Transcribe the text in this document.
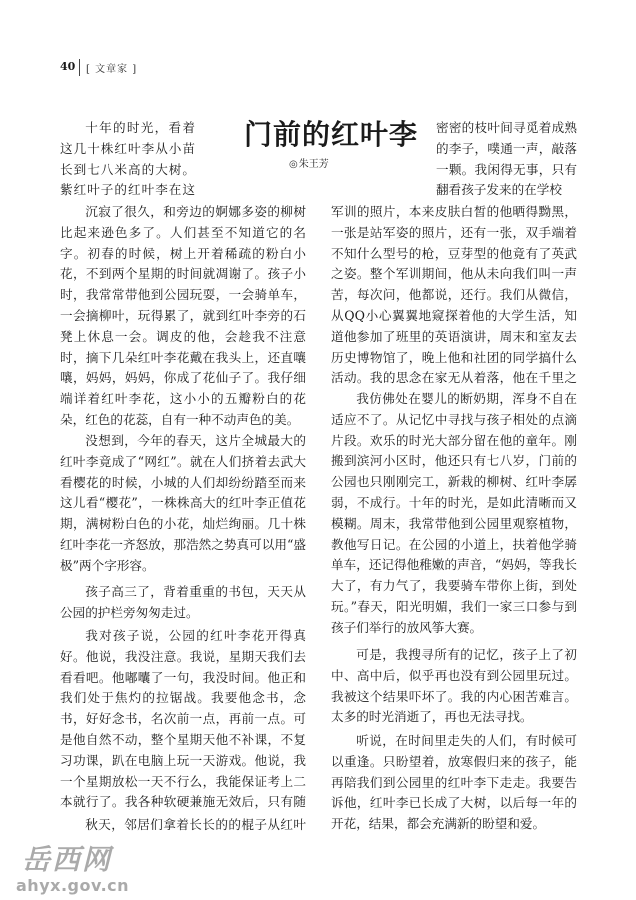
40 [ 文章家 ]
门前的红叶李
◎朱王芳

十年的时光，看着这几十株红叶李从小苗长到七八米高的大树。紫红叶子的红叶李在这

沉寂了很久，和旁边的婀娜多姿的柳树比起来逊色多了。人们甚至不知道它的名字。初春的时候，树上开着稀疏的粉白小花，不到两个星期的时间就凋谢了。孩子小时，我常常带他到公园玩耍，一会骑单车，一会摘柳叶，玩得累了，就到红叶李旁的石凳上休息一会。调皮的他，会趁我不注意时，摘下几朵红叶李花戴在我头上，还直嚷嚷，妈妈，妈妈，你成了花仙子了。我仔细端详着红叶李花，这小小的五瓣粉白的花朵，红色的花蕊，自有一种不动声色的美。

没想到，今年的春天，这片全城最大的红叶李竟成了“网红”。就在人们挤着去武大看樱花的时候，小城的人们却纷纷踏至而来这儿看“樱花”，一株株高大的红叶李正值花期，满树粉白色的小花，灿烂绚丽。几十株红叶李花一齐怒放，那浩然之势真可以用“盛极”两个字形容。

孩子高三了，背着重重的书包，天天从公园的护栏旁匆匆走过。

我对孩子说，公园的红叶李花开得真好。他说，我没注意。我说，星期天我们去看看吧。他嘟囔了一句，我没时间。他正和我们处于焦灼的拉锯战。我要他念书，念书，好好念书，名次前一点，再前一点。可是他自然不动，整个星期天他不补课，不复习功课，趴在电脑上玩一天游戏。他说，我一个星期放松一天不行么，我能保证考上二本就行了。我各种软硬兼施无效后，只有随

秋天，邻居们拿着长长的的棍子从红叶

密密的枝叶间寻觅着成熟的李子，噗通一声，敲落一颗。我闲得无事，只有翻看孩子发来的在学校

军训的照片，本来皮肤白皙的他晒得黝黑，一张是站军姿的照片，还有一张，双手端着不知什么型号的枪，豆芽型的他竟有了英武之姿。整个军训期间，他从未向我们叫一声苦，每次问，他都说，还行。我们从微信，从QQ小心翼翼地窥探着他的大学生活，知道他参加了班里的英语演讲，周末和室友去历史博物馆了，晚上他和社团的同学搞什么活动。我的思念在家无从着落，他在千里之

我仿佛处在婴儿的断奶期，浑身不自在适应不了。从记忆中寻找与孩子相处的点滴片段。欢乐的时光大部分留在他的童年。刚搬到滨河小区时，他还只有七八岁，门前的公园也只刚刚完工，新栽的柳树、红叶李孱弱，不成行。十年的时光，是如此清晰而又模糊。周末，我常带他到公园里观察植物，教他写日记。在公园的小道上，扶着他学骑单车，还记得他稚嫩的声音，“妈妈，等我长大了，有力气了，我要骑车带你上街，到处玩。”春天，阳光明媚，我们一家三口参与到孩子们举行的放风筝大赛。

可是，我搜寻所有的记忆，孩子上了初中、高中后，似乎再也没有到公园里玩过。我被这个结果吓坏了。我的内心困苦难言。太多的时光消逝了，再也无法寻找。

听说，在时间里走失的人们，有时候可以重逢。只盼望着，放寒假归来的孩子，能再陪我们到公园里的红叶李下走走。我要告诉他，红叶李已长成了大树，以后每一年的开花，结果，都会充满新的盼望和爱。

岳西网
ahyx.gov.cn
